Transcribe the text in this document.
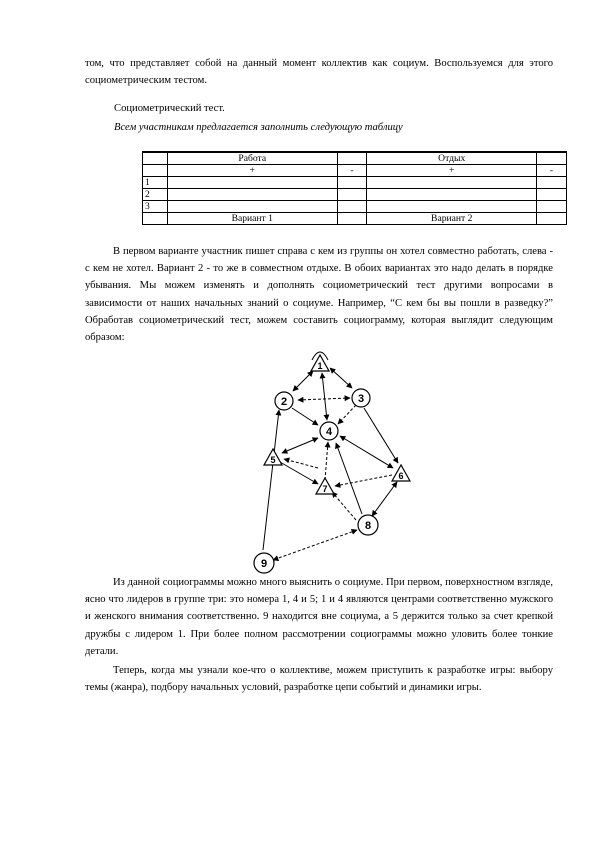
том, что представляет собой на данный момент коллектив как социум. Воспользуемся для этого социометрическим тестом.

Социометрический тест.

Всем участникам предлагается заполнить следующую таблицу

	Работа		Отдых	
	+	-	+	-
1				
2				
3				
	Вариант 1		Вариант 2	

В первом варианте участник пишет справа с кем из группы он хотел совместно работать, слева - с кем не хотел. Вариант 2 - то же в совместном отдыхе. В обоих вариантах это надо делать в порядке убывания. Мы можем изменять и дополнять социометрический тест другими вопросами в зависимости от наших начальных знаний о социуме. Например, “С кем бы вы пошли в разведку?” Обработав социометрический тест, можем составить социограмму, которая выглядит следующим образом:

1
2	3
4
5
6
7
8
9

Из данной социограммы можно много выяснить о социуме. При первом, поверхностном взгляде, ясно что лидеров в группе три: это номера 1, 4 и 5; 1 и 4 являются центрами соответственно мужского и женского внимания соответственно. 9 находится вне социума, а 5 держится только за счет крепкой дружбы с лидером 1. При более полном рассмотрении социограммы можно уловить более тонкие детали.

Теперь, когда мы узнали кое-что о коллективе, можем приступить к разработке игры: выбору темы (жанра), подбору начальных условий, разработке цепи событий и динамики игры.
